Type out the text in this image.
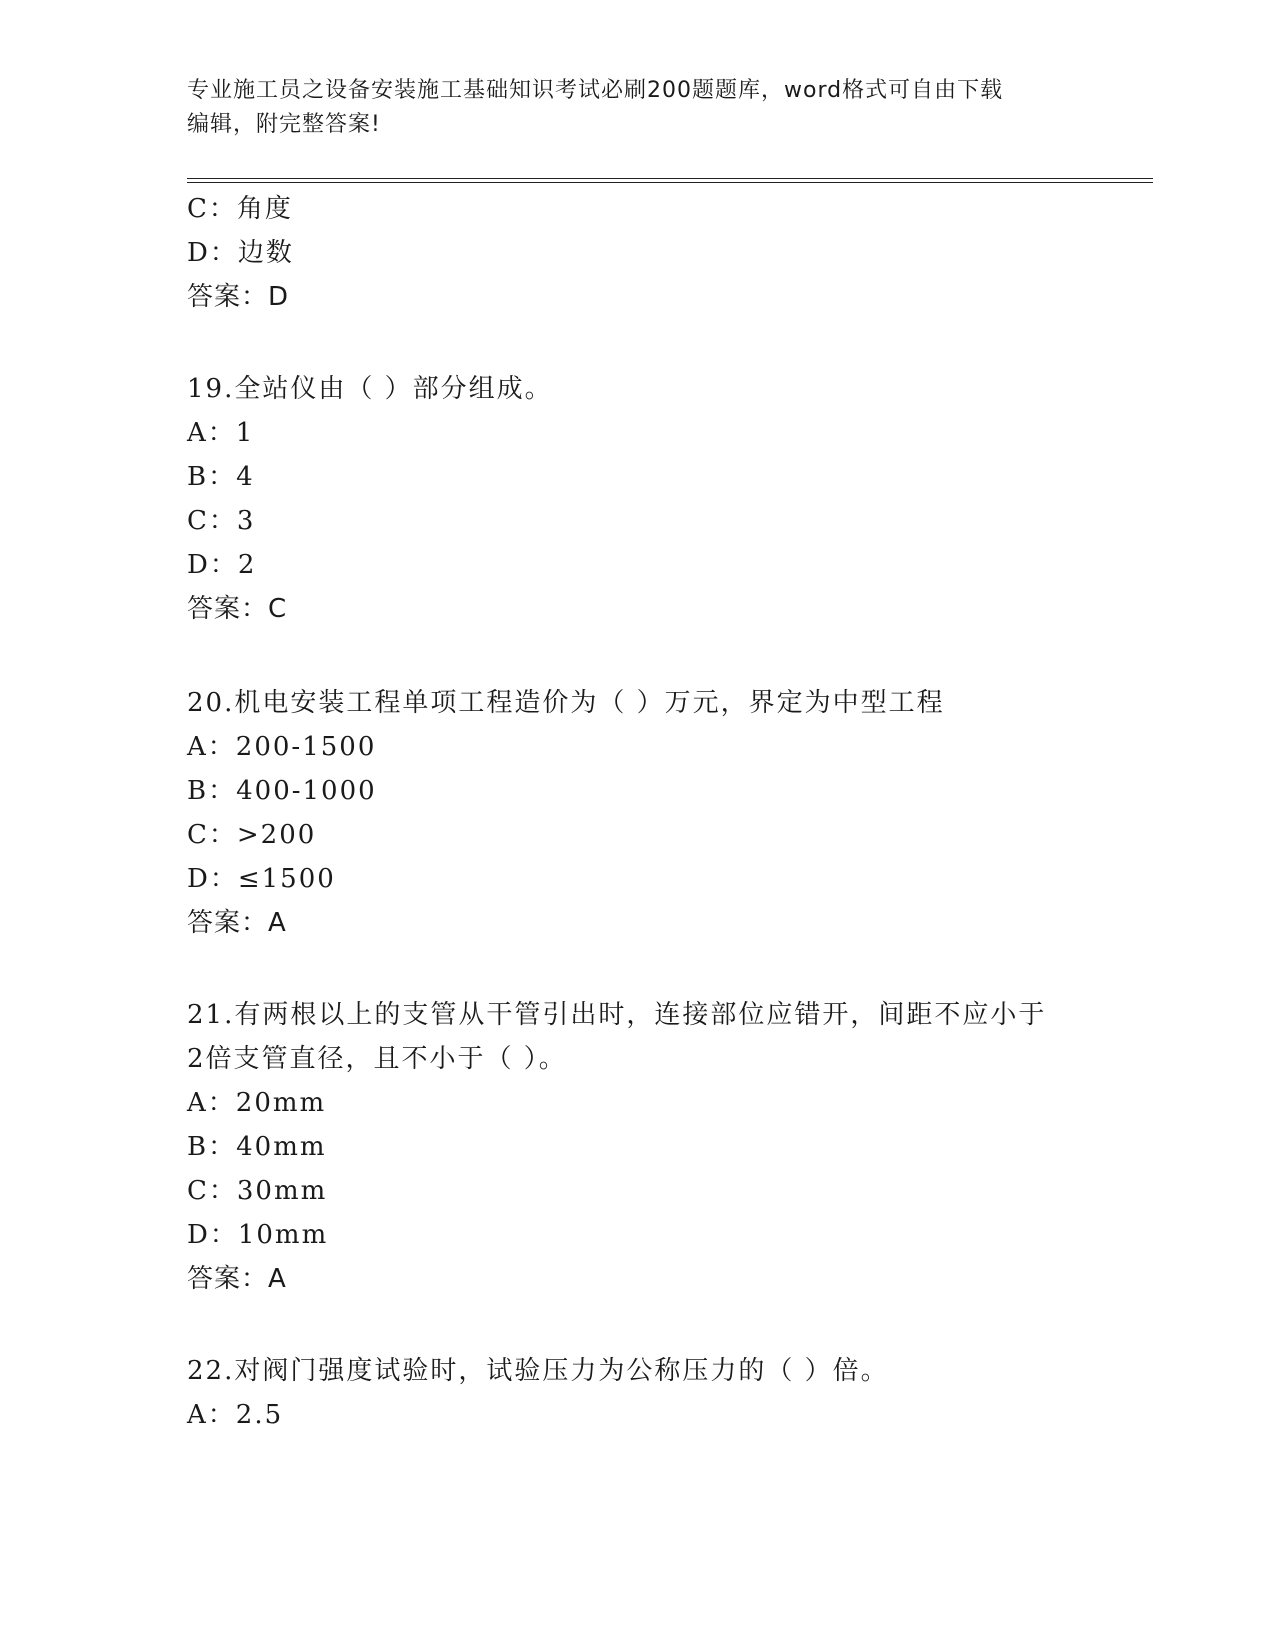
专业施工员之设备安装施工基础知识考试必刷200题题库，word格式可自由下载
编辑，附完整答案!
C：角度
D：边数
答案：D
19.全站仪由（ ）部分组成。
A：1
B：4
C：3
D：2
答案：C
20.机电安装工程单项工程造价为（ ）万元，界定为中型工程
A：200-1500
B：400-1000
C：>200
D：≤1500
答案：A
21.有两根以上的支管从干管引出时，连接部位应错开，间距不应小于
2倍支管直径，且不小于（ ）。
A：20mm
B：40mm
C：30mm
D：10mm
答案：A
22.对阀门强度试验时，试验压力为公称压力的（ ）倍。
A：2.5
